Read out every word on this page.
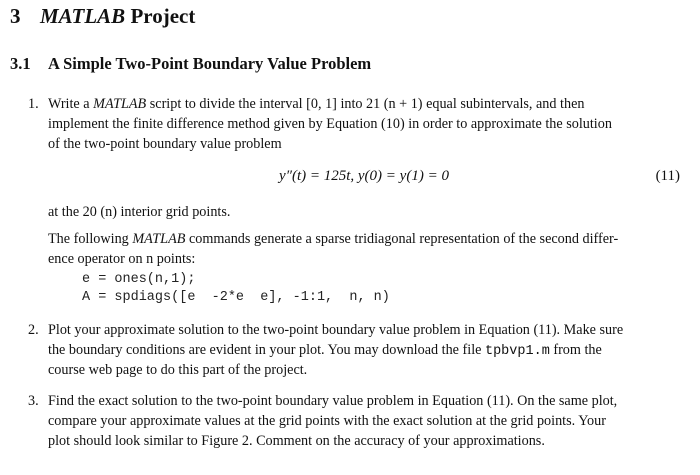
3 MATLAB Project
3.1 A Simple Two-Point Boundary Value Problem
1. Write a MATLAB script to divide the interval [0, 1] into 21 (n + 1) equal subintervals, and then
implement the finite difference method given by Equation (10) in order to approximate the solution
of the two-point boundary value problem
y″(t) = 125t, y(0) = y(1) = 0	(11)
at the 20 (n) interior grid points.
The following MATLAB commands generate a sparse tridiagonal representation of the second differ-
ence operator on n points:
e = ones(n,1);
A = spdiags([e  -2*e  e], -1:1,  n, n)
2. Plot your approximate solution to the two-point boundary value problem in Equation (11). Make sure
the boundary conditions are evident in your plot. You may download the file tpbvp1.m from the
course web page to do this part of the project.
3. Find the exact solution to the two-point boundary value problem in Equation (11). On the same plot,
compare your approximate values at the grid points with the exact solution at the grid points. Your
plot should look similar to Figure 2. Comment on the accuracy of your approximations.
